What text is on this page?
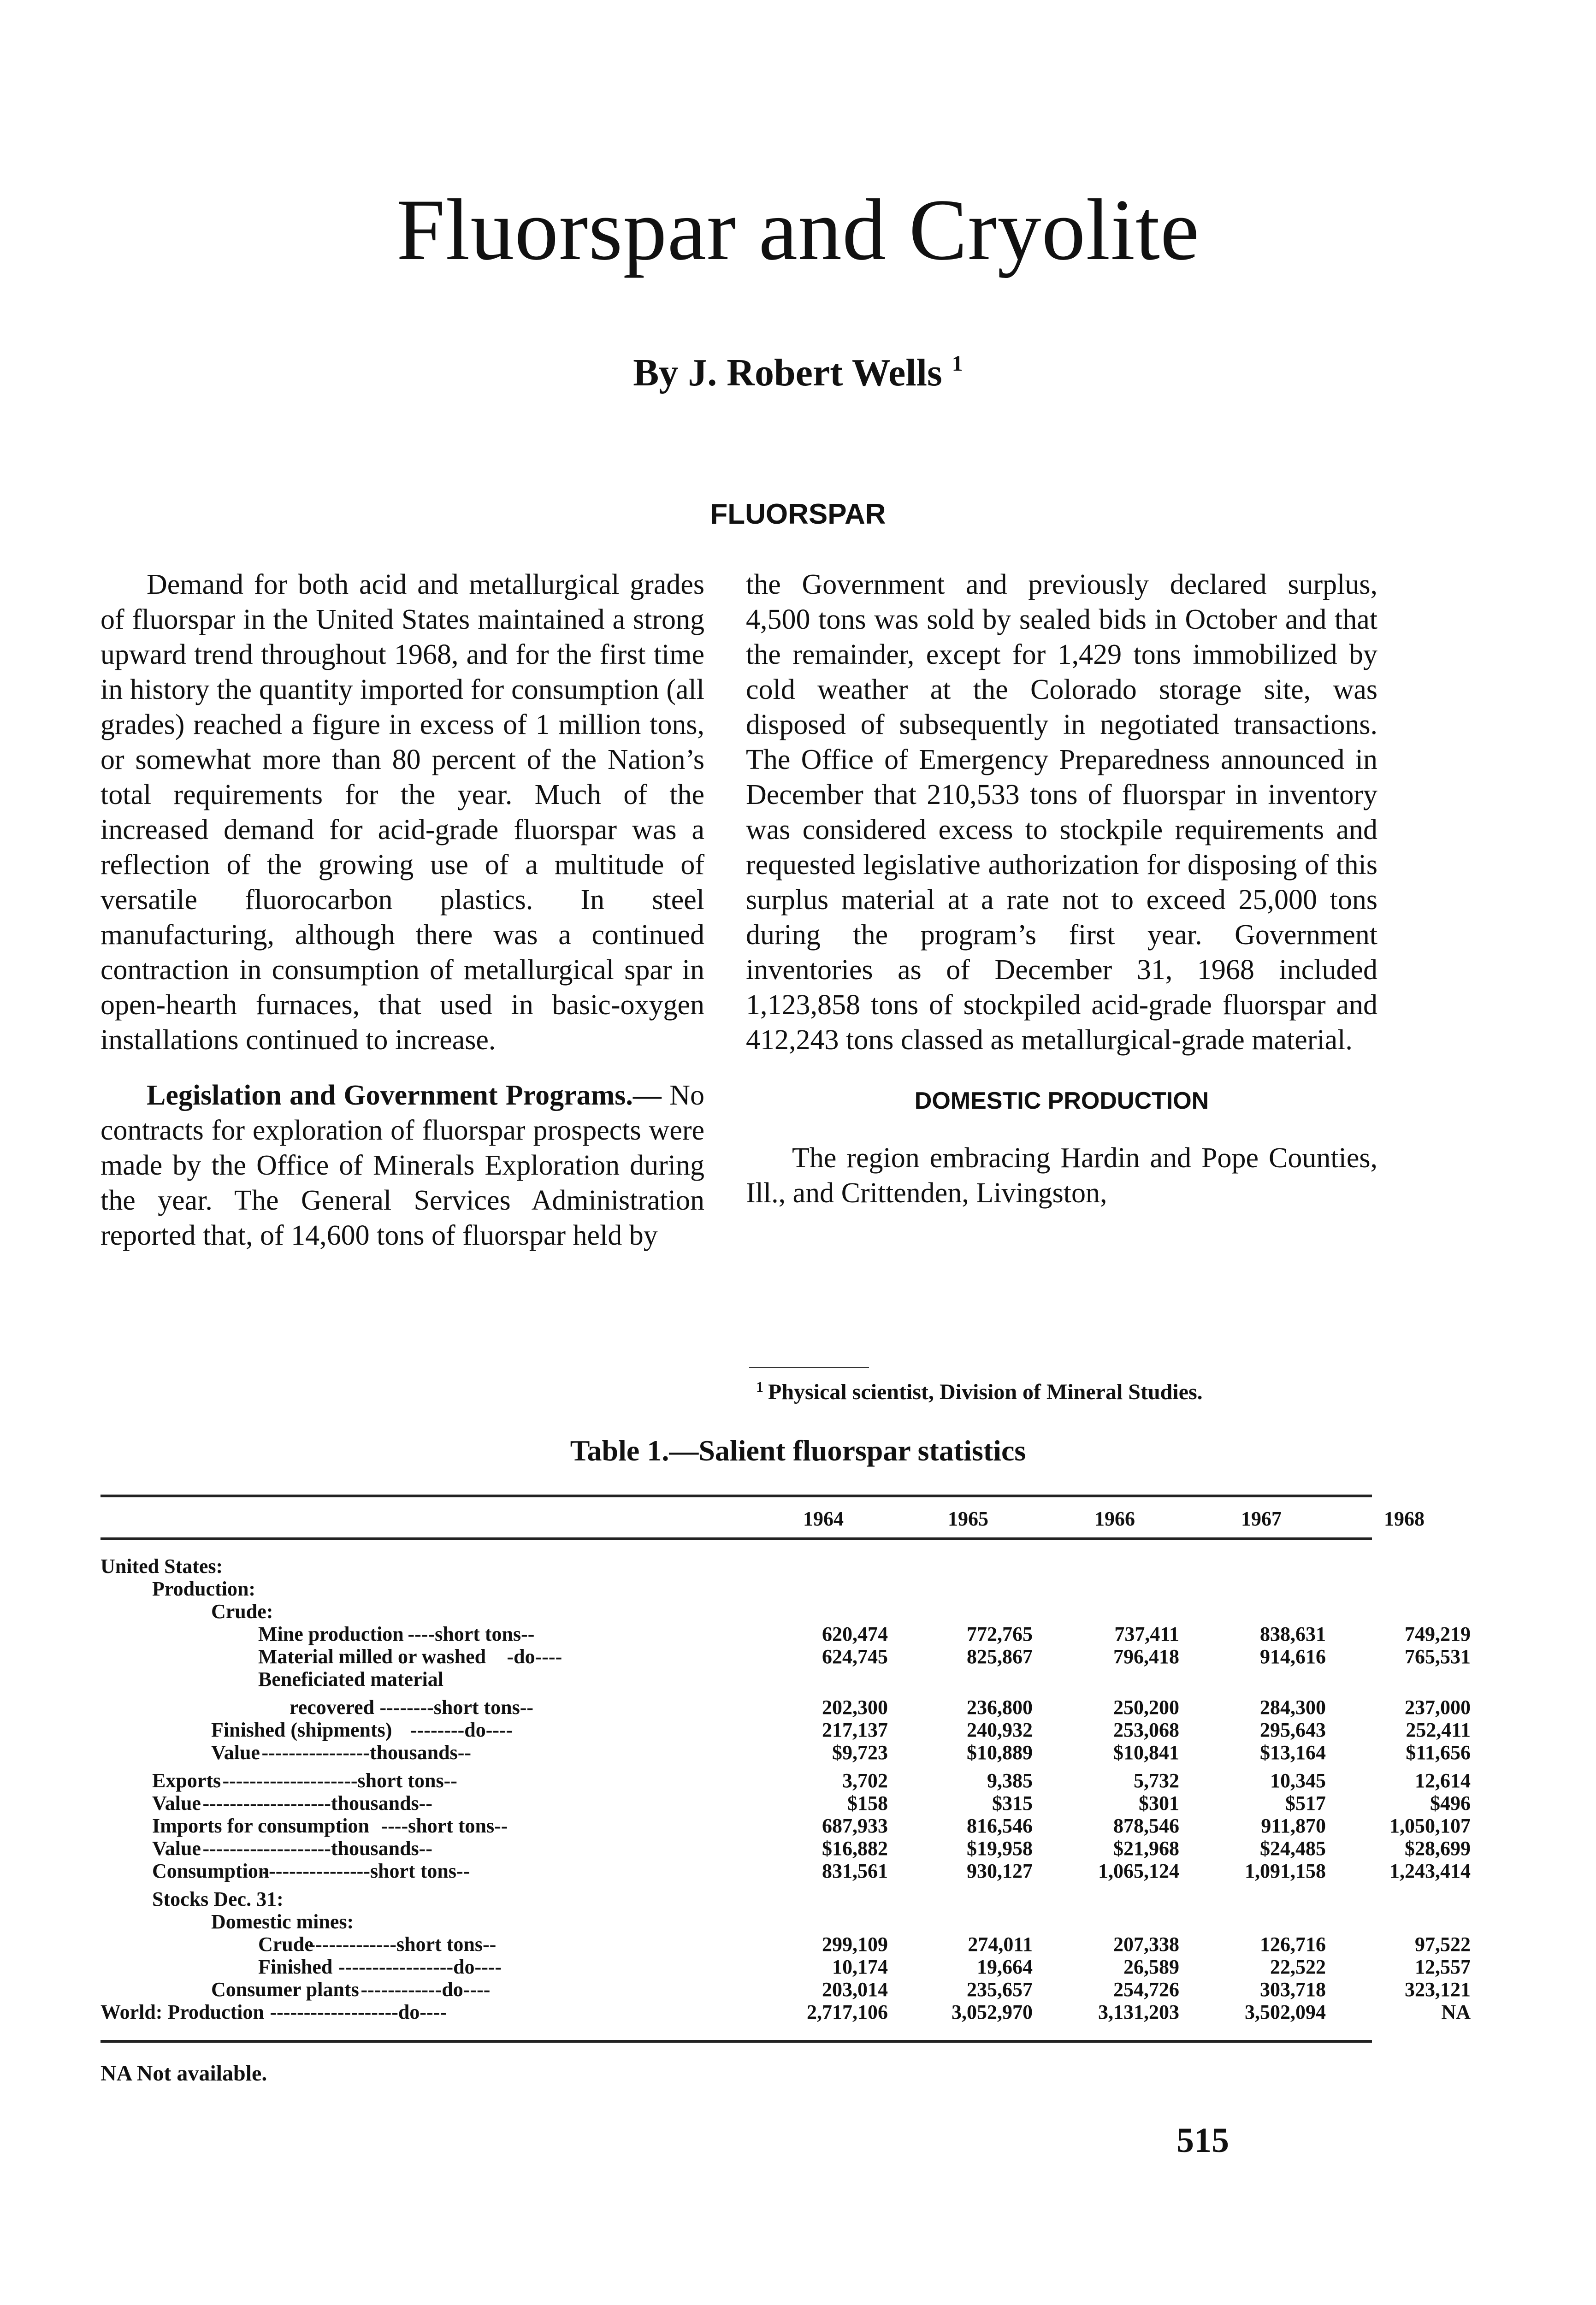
Fluorspar and Cryolite
By J. Robert Wells $^1$
FLUORSPAR

Demand for both acid and metallurgical grades of fluorspar in the United States maintained a strong upward trend throughout 1968, and for the first time in history the quantity imported for consumption (all grades) reached a figure in excess of 1 million tons, or somewhat more than 80 percent of the Nation’s total requirements for the year. Much of the increased demand for acid-grade fluorspar was a reflection of the growing use of a multitude of versatile fluorocarbon plastics. In steel manufacturing, although there was a continued contraction in consumption of metallurgical spar in open-hearth furnaces, that used in basic-oxygen installations continued to increase.

Legislation and Government Programs.— No contracts for exploration of fluorspar prospects were made by the Office of Minerals Exploration during the year. The General Services Administration reported that, of 14,600 tons of fluorspar held by

the Government and previously declared surplus, 4,500 tons was sold by sealed bids in October and that the remainder, except for 1,429 tons immobilized by cold weather at the Colorado storage site, was disposed of subsequently in negotiated transactions. The Office of Emergency Preparedness announced in December that 210,533 tons of fluorspar in inventory was considered excess to stockpile requirements and requested legislative authorization for disposing of this surplus material at a rate not to exceed 25,000 tons during the program’s first year. Government inventories as of December 31, 1968 included 1,123,858 tons of stockpiled acid-grade fluorspar and 412,243 tons classed as metallurgical-grade material.

DOMESTIC PRODUCTION

The region embracing Hardin and Pope Counties, Ill., and Crittenden, Livingston,

$^1$ Physical scientist, Division of Mineral Studies.
Table 1.—Salient fluorspar statistics
1964	1965	1966	1967	1968
United States:
Production:
Crude:
Mine production ----short tons--	620,474	772,765	737,411	838,631	749,219
Material milled or washed -do----	624,745	825,867	796,418	914,616	765,531
Beneficiated material
recovered --------short tons--	202,300	236,800	250,200	284,300	237,000
Finished (shipments) --------do----	217,137	240,932	253,068	295,643	252,411
Value ----------------thousands--	$9,723	$10,889	$10,841	$13,164	$11,656
Exports --------------------short tons--	3,702	9,385	5,732	10,345	12,614
Value -------------------thousands--	$158	$315	$301	$517	$496
Imports for consumption ----short tons--	687,933	816,546	878,546	911,870	1,050,107
Value -------------------thousands--	$16,882	$19,958	$21,968	$24,485	$28,699
Consumption
----------------short tons--	831,561	930,127	1,065,124	1,091,158	1,243,414
Stocks Dec. 31:
Domestic mines:
Crude
-------------short tons--	299,109	274,011	207,338	126,716	97,522
Finished -----------------do----	10,174	19,664	26,589	22,522	12,557
Consumer plants ------------do----	203,014	235,657	254,726	303,718	323,121
World: Production -------------------do----	2,717,106	3,052,970	3,131,203	3,502,094	NA
NA Not available.
515
